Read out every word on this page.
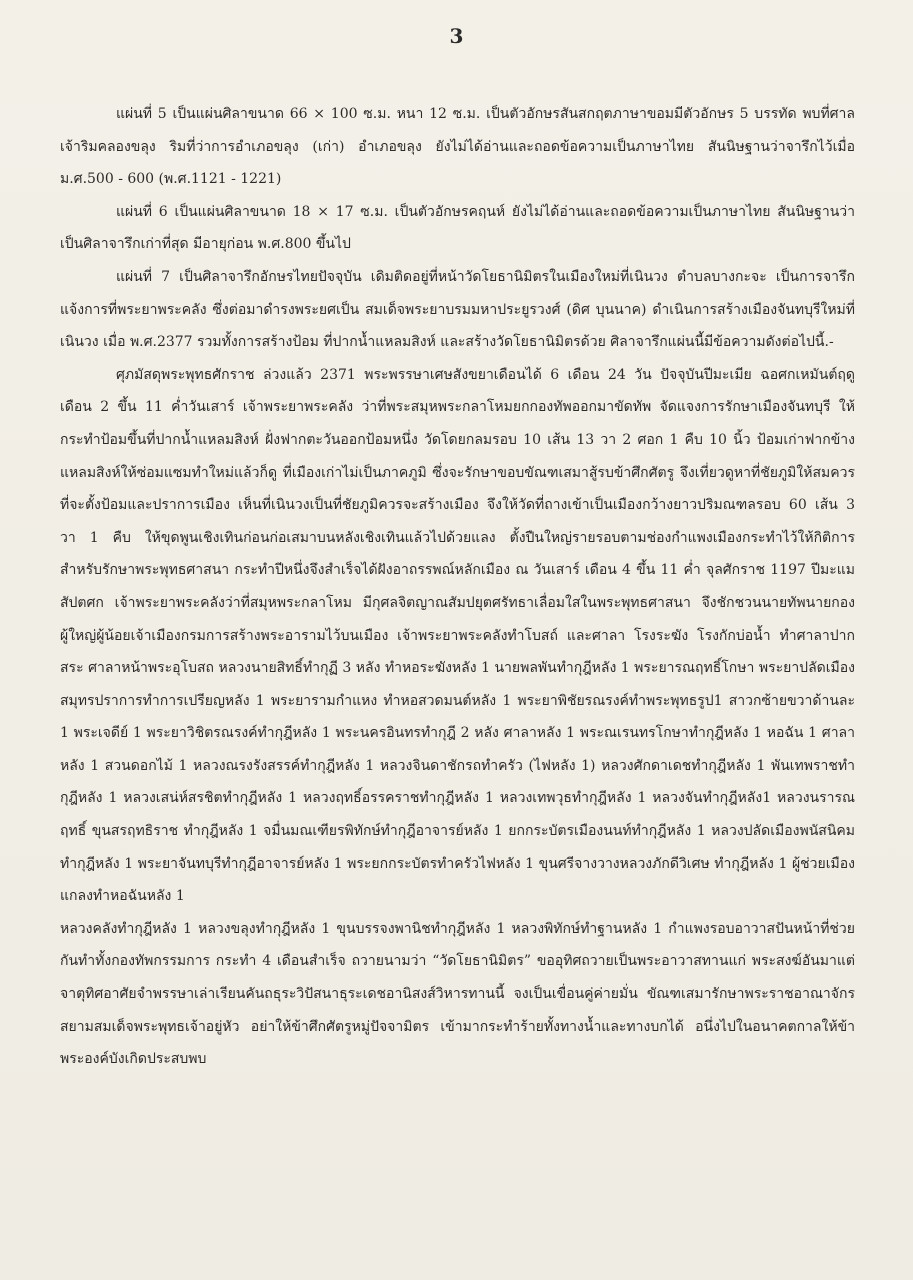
3

แผ่นที่ 5 เป็นแผ่นศิลาขนาด 66 × 100 ซ.ม. หนา 12 ซ.ม. เป็นตัวอักษรสันสกฤตภาษาขอมมีตัวอักษร 5 บรรทัด พบที่ศาลเจ้าริมคลองขลุง ริมที่ว่าการอำเภอขลุง (เก่า) อำเภอขลุง ยังไม่ได้อ่านและถอดข้อความเป็นภาษาไทย สันนิษฐานว่าจารึกไว้เมื่อ ม.ศ.500 - 600 (พ.ศ.1121 - 1221)

แผ่นที่ 6 เป็นแผ่นศิลาขนาด 18 × 17 ซ.ม. เป็นตัวอักษรคฤนห์ ยังไม่ได้อ่านและถอดข้อความเป็นภาษาไทย สันนิษฐานว่าเป็นศิลาจารึกเก่าที่สุด มีอายุก่อน พ.ศ.800 ขึ้นไป

แผ่นที่ 7 เป็นศิลาจารึกอักษรไทยปัจจุบัน เดิมติดอยู่ที่หน้าวัดโยธานิมิตรในเมืองใหม่ที่เนินวง ตำบลบางกะจะ เป็นการจารึกแจ้งการที่พระยาพระคลัง ซึ่งต่อมาดำรงพระยศเป็น สมเด็จพระยาบรมมหาประยูรวงศ์ (ดิศ บุนนาค) ดำเนินการสร้างเมืองจันทบุรีใหม่ที่เนินวง เมื่อ พ.ศ.2377 รวมทั้งการสร้างป้อม ที่ปากน้ำแหลมสิงห์ และสร้างวัดโยธานิมิตรด้วย ศิลาจารึกแผ่นนี้มีข้อความดังต่อไปนี้.-

ศุภมัสดุพระพุทธศักราช ล่วงแล้ว 2371 พระพรรษาเศษสังขยาเดือนได้ 6 เดือน 24 วัน ปัจจุบันปีมะเมีย ฉอศกเหมันต์ฤดู เดือน 2 ขึ้น 11 ค่ำวันเสาร์ เจ้าพระยาพระคลัง ว่าที่พระสมุหพระกลาโหมยกกองทัพออกมาขัดทัพ จัดแจงการรักษาเมืองจันทบุรี ให้กระทำป้อมขึ้นที่ปากน้ำแหลมสิงห์ ฝั่งฟากตะวันออกป้อมหนึ่ง วัดโดยกลมรอบ 10 เส้น 13 วา 2 ศอก 1 คืบ 10 นิ้ว ป้อมเก่าฟากข้างแหลมสิงห์ให้ซ่อมแซมทำใหม่แล้วก็ดู ที่เมืองเก่าไม่เป็นภาคภูมิ ซึ่งจะรักษาขอบขัณฑเสมาสู้รบข้าศึกศัตรู จึงเที่ยวดูหาที่ชัยภูมิให้สมควรที่จะตั้งป้อมและปราการเมือง เห็นที่เนินวงเป็นที่ชัยภูมิควรจะสร้างเมือง จึงให้วัดที่ถางเข้าเป็นเมืองกว้างยาวปริมณฑลรอบ 60 เส้น 3 วา 1 คืบ ให้ขุดพูนเชิงเทินก่อนก่อเสมาบนหลังเชิงเทินแล้วไปด้วยแลง ตั้งปืนใหญ่รายรอบตามช่องกำแพงเมืองกระทำไว้ให้กิติการสำหรับรักษาพระพุทธศาสนา กระทำปีหนึ่งจึงสำเร็จได้ฝังอาถรรพณ์หลักเมือง ณ วันเสาร์ เดือน 4 ขึ้น 11 ค่ำ จุลศักราช 1197 ปีมะแม สัปตศก เจ้าพระยาพระคลังว่าที่สมุหพระกลาโหม มีกุศลจิตญาณสัมปยุตศรัทธาเลื่อมใสในพระพุทธศาสนา จึงชักชวนนายทัพนายกองผู้ใหญ่ผู้น้อยเจ้าเมืองกรมการสร้างพระอารามไว้บนเมือง เจ้าพระยาพระคลังทำโบสถ์ และศาลา โรงระฆัง โรงกักบ่อน้ำ ทำศาลาปากสระ ศาลาหน้าพระอุโบสถ หลวงนายสิทธิ์ทำกุฏี 3 หลัง ทำหอระฆังหลัง 1 นายพลพันทำกุฎีหลัง 1 พระยารณฤทธิ์โกษา พระยาปลัดเมือง สมุทรปราการทำการเปรียญหลัง 1 พระยารามกำแหง ทำหอสวดมนต์หลัง 1 พระยาพิชัยรณรงค์ทำพระพุทธรูป1 สาวกซ้ายขวาด้านละ 1 พระเจดีย์ 1 พระยาวิชิตรณรงค์ทำกุฎีหลัง 1 พระนครอินทรทำกุฎี 2 หลัง ศาลาหลัง 1 พระณเรนทรโกษาทำกุฎีหลัง 1 หอฉัน 1 ศาลาหลัง 1 สวนดอกไม้ 1 หลวงณรงรังสรรค์ทำกุฎีหลัง 1 หลวงจินดาชักรถทำครัว (ไฟหลัง 1) หลวงศักดาเดชทำกุฎีหลัง 1 พันเทพราชทำกุฎีหลัง 1 หลวงเสน่ห์สรชิตทำกุฎีหลัง 1 หลวงฤทธิ์อรรคราชทำกุฎีหลัง 1 หลวงเทพวุธทำกุฎีหลัง 1 หลวงจันทำกุฎีหลัง1 หลวงนรารณฤทธิ์ ขุนสรฤทธิราช ทำกุฎีหลัง 1 จมื่นมณเฑียรพิทักษ์ทำกุฎีอาจารย์หลัง 1 ยกกระบัตรเมืองนนท์ทำกุฎีหลัง 1 หลวงปลัดเมืองพนัสนิคม ทำกุฎีหลัง 1 พระยาจันทบุรีทำกุฎีอาจารย์หลัง 1 พระยกกระบัตรทำครัวไฟหลัง 1 ขุนศรีจางวางหลวงภักดีวิเศษ ทำกุฎีหลัง 1 ผู้ช่วยเมืองแกลงทำหอฉันหลัง 1

หลวงคลังทำกุฎีหลัง 1 หลวงขลุงทำกุฎีหลัง 1 ขุนบรรจงพานิชทำกุฎีหลัง 1 หลวงพิทักษ์ทำฐานหลัง 1 กำแพงรอบอาวาสปันหน้าที่ช่วยกันทำทั้งกองทัพกรรมการ กระทำ 4 เดือนสำเร็จ ถวายนามว่า “วัดโยธานิมิตร” ขออุทิศถวายเป็นพระอาวาสทานแก่ พระสงฆ์อันมาแต่จาตุทิศอาศัยจำพรรษาเล่าเรียนคันถธุระวิปัสนาธุระเดชอานิสงส์วิหารทานนี้ จงเป็นเขื่อนคู่ค่ายมั่น ขัณฑเสมารักษาพระราชอาณาจักรสยามสมเด็จพระพุทธเจ้าอยู่หัว อย่าให้ข้าศึกศัตรูหมู่ปัจจามิตร เข้ามากระทำร้ายทั้งทางน้ำและทางบกได้ อนึ่งไปในอนาคตกาลให้ข้าพระองค์บังเกิดประสบพบ
